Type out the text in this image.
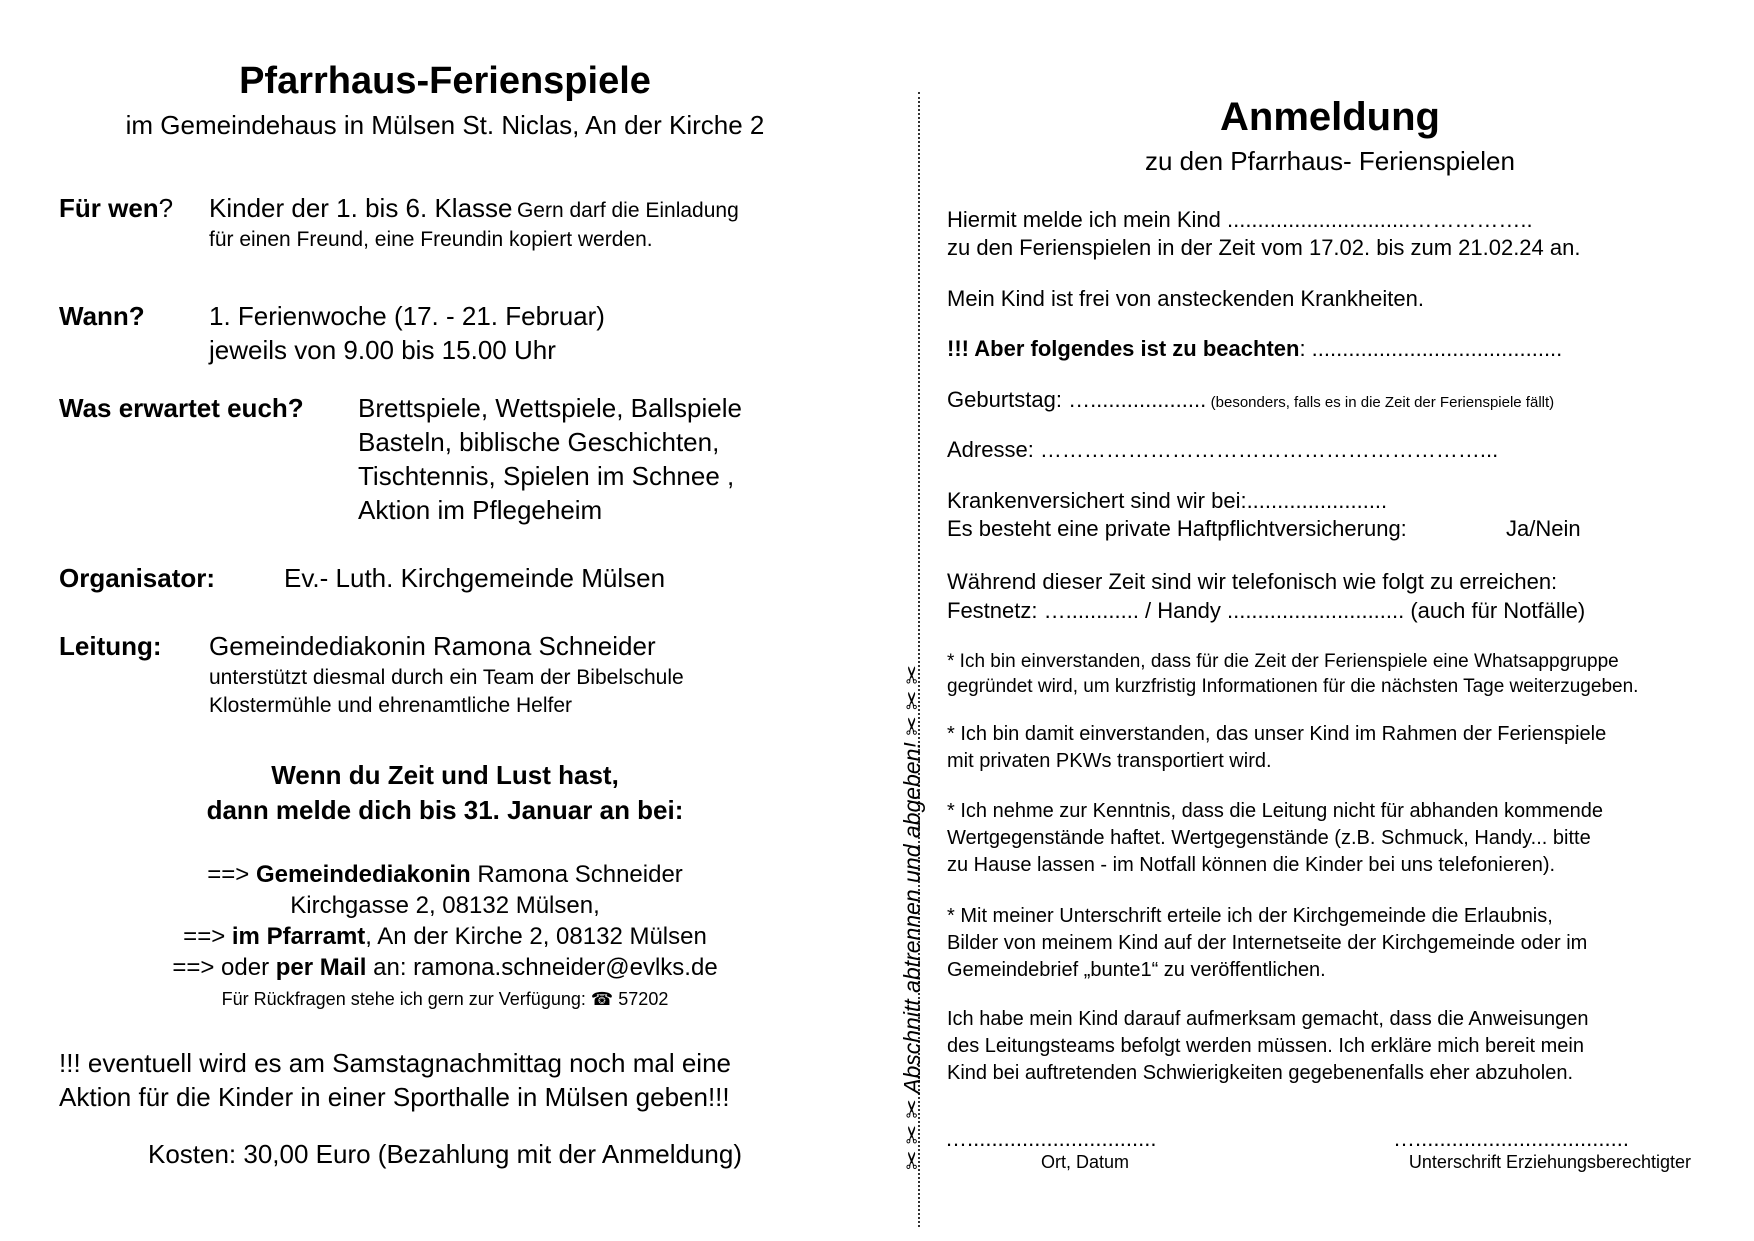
Pfarrhaus-Ferienspiele
im Gemeindehaus in Mülsen St. Niclas, An der Kirche 2
Für wen? Kinder der 1. bis 6. Klasse Gern darf die Einladung
für einen Freund, eine Freundin kopiert werden.
Wann? 1. Ferienwoche (17. - 21. Februar)
jeweils von 9.00 bis 15.00 Uhr
Was erwartet euch? Brettspiele, Wettspiele, Ballspiele
Basteln, biblische Geschichten,
Tischtennis, Spielen im Schnee ,
Aktion im Pflegeheim
Organisator:	Ev.- Luth. Kirchgemeinde Mülsen
Leitung: Gemeindediakonin Ramona Schneider
unterstützt diesmal durch ein Team der Bibelschule
Klostermühle und ehrenamtliche Helfer
Wenn du Zeit und Lust hast,
dann melde dich bis 31. Januar an bei:
==> Gemeindediakonin Ramona Schneider
Kirchgasse 2, 08132 Mülsen,
==> im Pfarramt, An der Kirche 2, 08132 Mülsen
==> oder per Mail an: ramona.schneider@evlks.de
Für Rückfragen stehe ich gern zur Verfügung: ☎ 57202
!!! eventuell wird es am Samstagnachmittag noch mal eine
Aktion für die Kinder in einer Sporthalle in Mülsen geben!!!
Kosten: 30,00 Euro (Bezahlung mit der Anmeldung)	✂ ✂ ✂ Abschnitt abtrennen und abgeben! ✂ ✂ ✂
Anmeldung
zu den Pfarrhaus- Ferienspielen
Hiermit melde ich mein Kind ..............................……………..
zu den Ferienspielen in der Zeit vom 17.02. bis zum 21.02.24 an.
Mein Kind ist frei von ansteckenden Krankheiten.
!!! Aber folgendes ist zu beachten: .........................................
Geburtstag: …................... (besonders, falls es in die Zeit der Ferienspiele fällt)
Adresse: ……………………………………………………...
Krankenversichert sind wir bei:.......................
Es besteht eine private Haftpflichtversicherung:	Ja/Nein
Während dieser Zeit sind wir telefonisch wie folgt zu erreichen:
Festnetz: …............ / Handy ............................. (auch für Notfälle)
* Ich bin einverstanden, dass für die Zeit der Ferienspiele eine Whatsappgruppe
gegründet wird, um kurzfristig Informationen für die nächsten Tage weiterzugeben.
* Ich bin damit einverstanden, das unser Kind im Rahmen der Ferienspiele
mit privaten PKWs transportiert wird.
* Ich nehme zur Kenntnis, dass die Leitung nicht für abhanden kommende
Wertgegenstände haftet. Wertgegenstände (z.B. Schmuck, Handy... bitte
zu Hause lassen - im Notfall können die Kinder bei uns telefonieren).
* Mit meiner Unterschrift erteile ich der Kirchgemeinde die Erlaubnis,
Bilder von meinem Kind auf der Internetseite der Kirchgemeinde oder im
Gemeindebrief „bunte1“ zu veröffentlichen.
Ich habe mein Kind darauf aufmerksam gemacht, dass die Anweisungen
des Leitungsteams befolgt werden müssen. Ich erkläre mich bereit mein
Kind bei auftretenden Schwierigkeiten gegebenenfalls eher abzuholen.
…...............................
Ort, Datum
…...................................
Unterschrift Erziehungsberechtigter
